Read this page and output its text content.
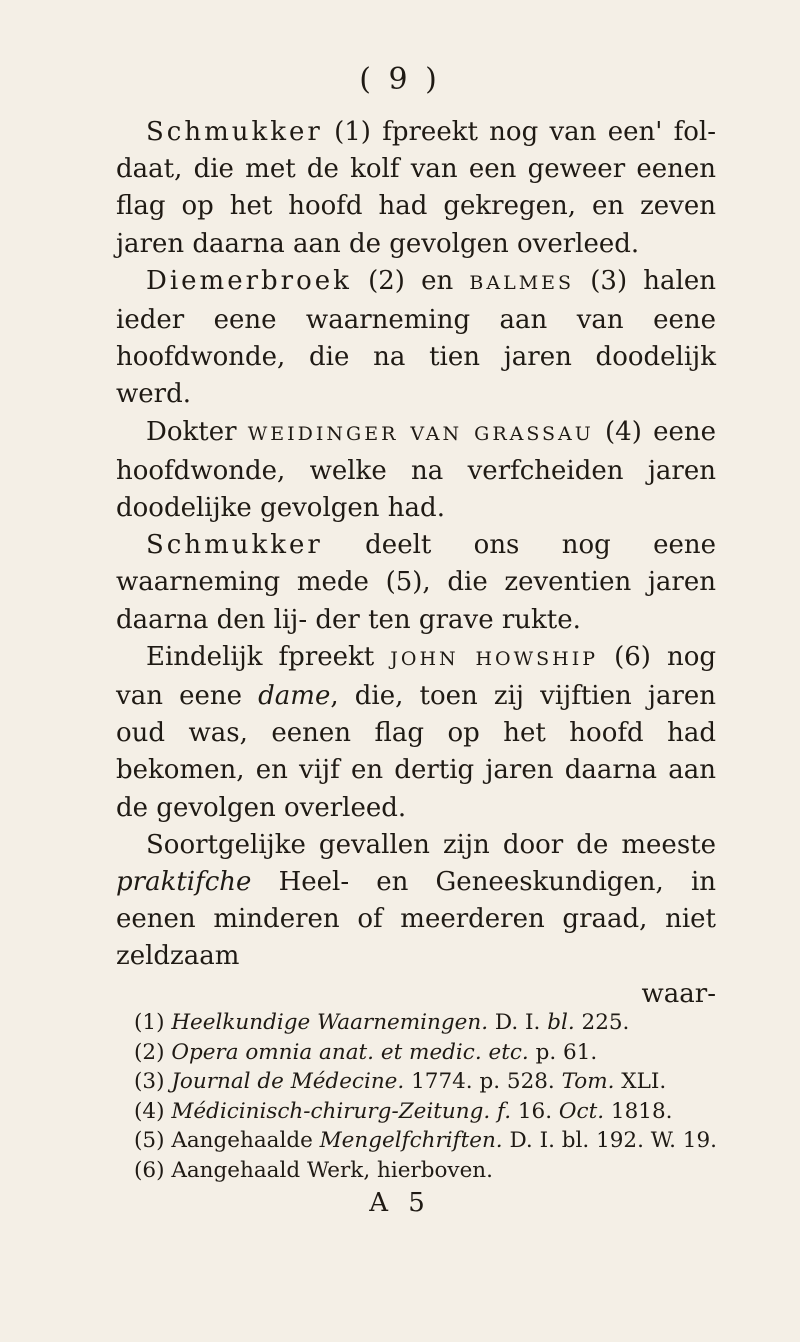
( 9 )

Schmukker (1) fpreekt nog van een' fol- daat, die met de kolf van een geweer eenen flag op het hoofd had gekregen, en zeven jaren daarna aan de gevolgen overleed.

Diemerbroek (2) en BALMES (3) halen ieder eene waarneming aan van eene hoofdwonde, die na tien jaren doodelijk werd.

Dokter WEIDINGER VAN GRASSAU (4) eene hoofdwonde, welke na verfcheiden jaren doodelijke gevolgen had.

Schmukker deelt ons nog eene waarneming mede (5), die zeventien jaren daarna den lij- der ten grave rukte.

Eindelijk fpreekt JOHN HOWSHIP (6) nog van eene dame, die, toen zij vijftien jaren oud was, eenen flag op het hoofd had bekomen, en vijf en dertig jaren daarna aan de gevolgen overleed.

Soortgelijke gevallen zijn door de meeste praktifche Heel- en Geneeskundigen, in eenen minderen of meerderen graad, niet zeldzaam

waar-
(1) Heelkundige Waarnemingen. D. I. bl. 225.
(2) Opera omnia anat. et medic. etc. p. 61.
(3) Journal de Médecine. 1774. p. 528. Tom. XLI.
(4) Médicinisch-chirurg-Zeitung. f. 16. Oct. 1818.
(5) Aangehaalde Mengelfchriften. D. I. bl. 192. W. 19.
(6) Aangehaald Werk, hierboven.
A 5
